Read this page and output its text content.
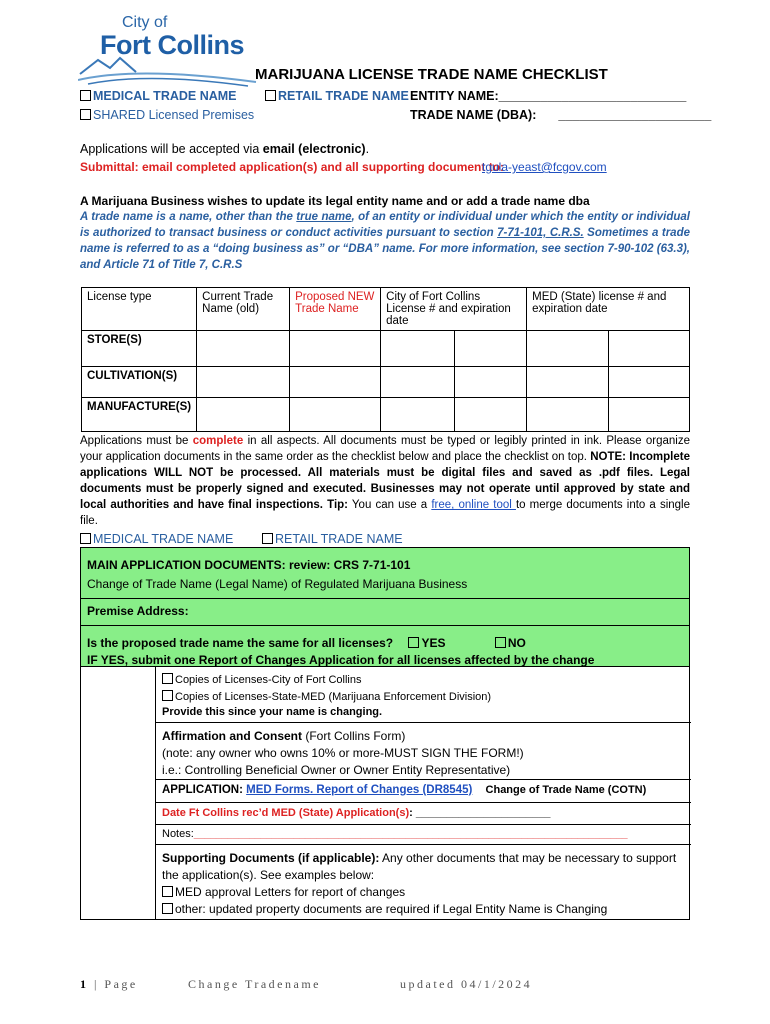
City of
Fort Collins
MARIJUANA LICENSE TRADE NAME CHECKLIST
MEDICAL TRADE NAME	RETAIL TRADE NAME ENTITY NAME:___________________________
SHARED Licensed Premises	TRADE NAME (DBA): ______________________
Applications will be accepted via email (electronic).
Submittal: email completed application(s) and all supporting document to:
tgula-yeast@fcgov.com
A Marijuana Business wishes to update its legal entity name and or add a trade name dba
A trade name is a name, other than the true name, of an entity or individual under which the entity or individual is authorized to transact business or conduct activities pursuant to section 7-71-101, C.R.S. Sometimes a trade name is referred to as a “doing business as” or “DBA” name. For more information, see section 7-90-102 (63.3), and Article 71 of Title 7, C.R.S
License type	Current Trade Name (old)	Proposed NEW Trade Name	City of Fort Collins License # and expiration date	MED (State) license # and expiration date
STORE(S)			

CULTIVATION(S)			

MANUFACTURE(S)			

Applications must be complete in all aspects. All documents must be typed or legibly printed in ink. Please organize your application documents in the same order as the checklist below and place the checklist on top. NOTE: Incomplete applications WILL NOT be processed. All materials must be digital files and saved as .pdf files. Legal documents must be properly signed and executed. Businesses may not operate until approved by state and local authorities and have final inspections. Tip: You can use a free, online tool to merge documents into a single file.
MEDICAL TRADE NAME	RETAIL TRADE NAME
MAIN APPLICATION DOCUMENTS: review: CRS 7-71-101
Change of Trade Name (Legal Name) of Regulated Marijuana Business
Premise Address:
Is the proposed trade name the same for all licenses? YES	NO
IF YES, submit one Report of Changes Application for all licenses affected by the change
Copies of Licenses-City of Fort Collins
Copies of Licenses-State-MED (Marijuana Enforcement Division)
Provide this since your name is changing.
Affirmation and Consent (Fort Collins Form)
(note: any owner who owns 10% or more-MUST SIGN THE FORM!)
i.e.: Controlling Beneficial Owner or Owner Entity Representative)
APPLICATION: MED Forms. Report of Changes (DR8545) Change of Trade Name (COTN)
Date Ft Collins rec’d MED (State) Application(s): ______________________
Notes:______________________________________________________________________________
Supporting Documents (if applicable): Any other documents that may be necessary to support the application(s). See examples below:
MED approval Letters for report of changes
other: updated property documents are required if Legal Entity Name is Changing
1 | Page	Change Tradename	updated 04/1/2024
